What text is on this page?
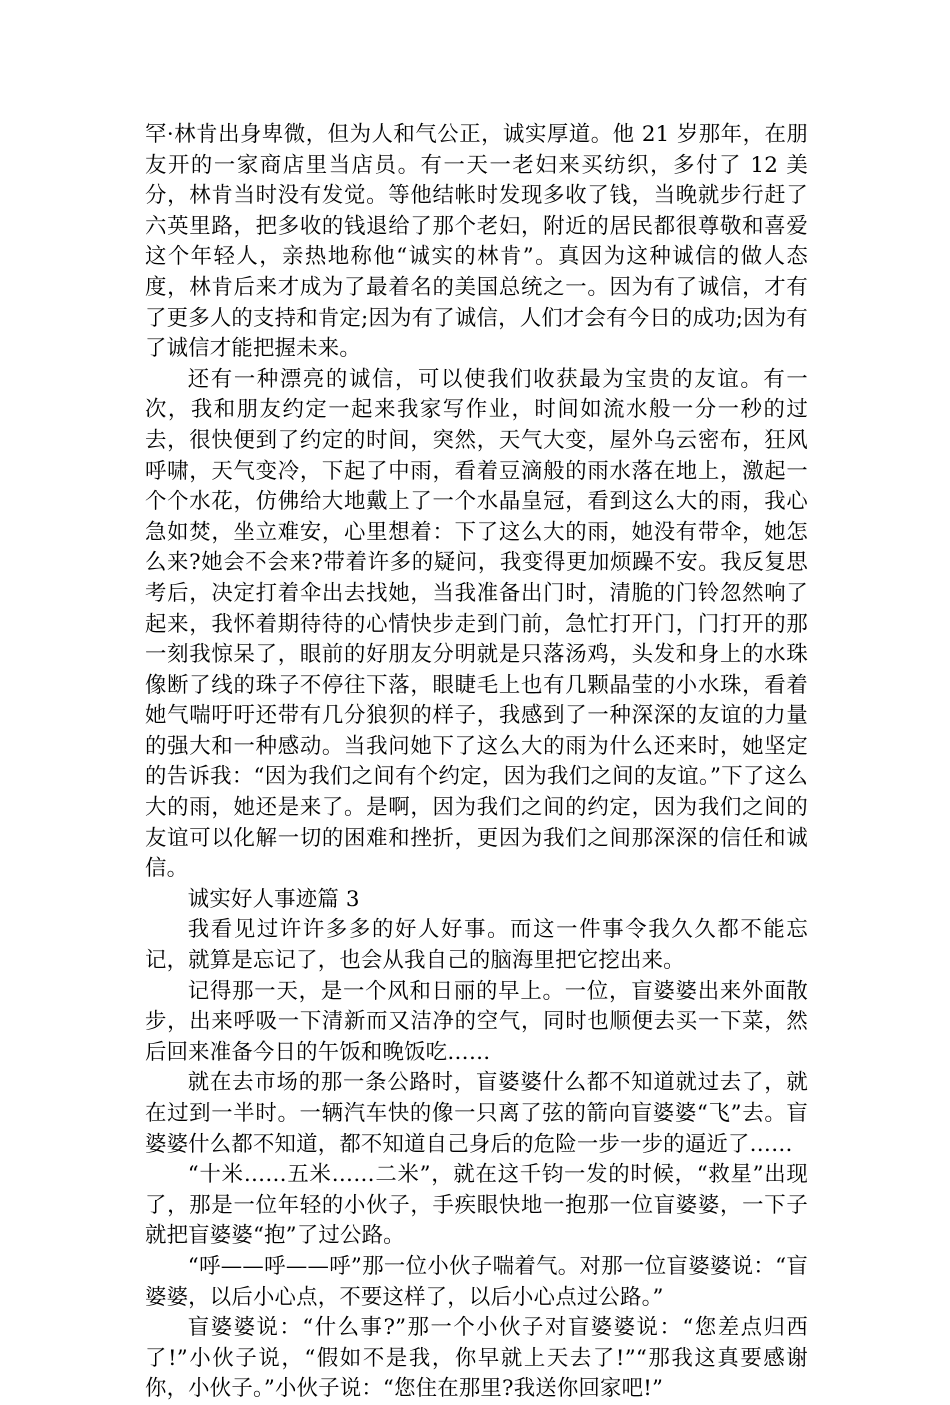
罕·林肯出身卑微，但为人和气公正，诚实厚道。他 21 岁那年，在朋友开的一家商店里当店员。有一天一老妇来买纺织，多付了 12 美分，林肯当时没有发觉。等他结帐时发现多收了钱，当晚就步行赶了六英里路，把多收的钱退给了那个老妇，附近的居民都很尊敬和喜爱这个年轻人，亲热地称他“诚实的林肯”。真因为这种诚信的做人态度，林肯后来才成为了最着名的美国总统之一。因为有了诚信，才有了更多人的支持和肯定;因为有了诚信，人们才会有今日的成功;因为有了诚信才能把握未来。

还有一种漂亮的诚信，可以使我们收获最为宝贵的友谊。有一次，我和朋友约定一起来我家写作业，时间如流水般一分一秒的过去，很快便到了约定的时间，突然，天气大变，屋外乌云密布，狂风呼啸，天气变冷，下起了中雨，看着豆滴般的雨水落在地上，激起一个个水花，仿佛给大地戴上了一个水晶皇冠，看到这么大的雨，我心急如焚，坐立难安，心里想着：下了这么大的雨，她没有带伞，她怎么来?她会不会来?带着许多的疑问，我变得更加烦躁不安。我反复思考后，决定打着伞出去找她，当我准备出门时，清脆的门铃忽然响了起来，我怀着期待待的心情快步走到门前，急忙打开门，门打开的那一刻我惊呆了，眼前的好朋友分明就是只落汤鸡，头发和身上的水珠像断了线的珠子不停往下落，眼睫毛上也有几颗晶莹的小水珠，看着她气喘吁吁还带有几分狼狈的样子，我感到了一种深深的友谊的力量的强大和一种感动。当我问她下了这么大的雨为什么还来时，她坚定的告诉我：“因为我们之间有个约定，因为我们之间的友谊。”下了这么大的雨，她还是来了。是啊，因为我们之间的约定，因为我们之间的友谊可以化解一切的困难和挫折，更因为我们之间那深深的信任和诚信。

诚实好人事迹篇 3

我看见过许许多多的好人好事。而这一件事令我久久都不能忘记，就算是忘记了，也会从我自己的脑海里把它挖出来。

记得那一天，是一个风和日丽的早上。一位，盲婆婆出来外面散步，出来呼吸一下清新而又洁净的空气，同时也顺便去买一下菜，然后回来准备今日的午饭和晚饭吃……

就在去市场的那一条公路时，盲婆婆什么都不知道就过去了，就在过到一半时。一辆汽车快的像一只离了弦的箭向盲婆婆“飞”去。盲婆婆什么都不知道，都不知道自己身后的危险一步一步的逼近了……

“十米……五米……二米”，就在这千钧一发的时候，“救星”出现了，那是一位年轻的小伙子，手疾眼快地一抱那一位盲婆婆，一下子就把盲婆婆“抱”了过公路。

“呼——呼——呼”那一位小伙子喘着气。对那一位盲婆婆说：“盲婆婆，以后小心点，不要这样了，以后小心点过公路。”

盲婆婆说：“什么事?”那一个小伙子对盲婆婆说：“您差点归西了!”小伙子说，“假如不是我，你早就上天去了!”“那我这真要感谢你，小伙子。”小伙子说：“您住在那里?我送你回家吧!”
